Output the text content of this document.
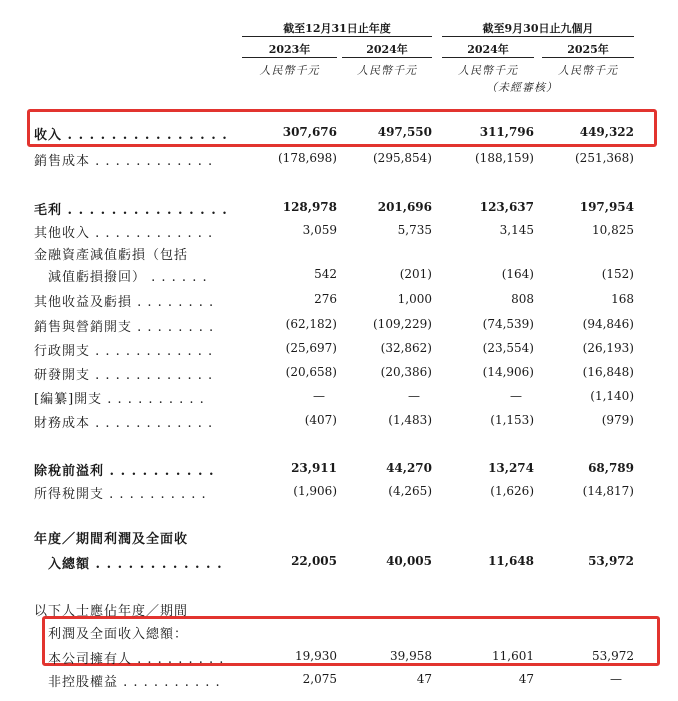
截至12月31日止年度	截至9月30日止九個月
2023年	2024年	2024年	2025年
人民幣千元	人民幣千元	人民幣千元	人民幣千元
（未經審核）
收入 . . . . . . . . . . . . . . .	307,676	497,550	311,796	449,322
銷售成本 . . . . . . . . . . . .	(178,698)	(295,854)	(188,159)	(251,368)
毛利 . . . . . . . . . . . . . . .	128,978	201,696	123,637	197,954
其他收入 . . . . . . . . . . . .	3,059	5,735	3,145	10,825
金融資產減值虧損（包括
減值虧損撥回） . . . . . .	542	(201)	(164)	(152)
其他收益及虧損 . . . . . . . .	276	1,000	808	168
銷售與營銷開支 . . . . . . . .	(62,182)	(109,229)	(74,539)	(94,846)
行政開支 . . . . . . . . . . . .	(25,697)	(32,862)	(23,554)	(26,193)
研發開支 . . . . . . . . . . . .	(20,658)	(20,386)	(14,906)	(16,848)
[編纂]開支 . . . . . . . . . .	—	—	—	(1,140)
財務成本 . . . . . . . . . . . .	(407)	(1,483)	(1,153)	(979)
除稅前溢利 . . . . . . . . . .	23,911	44,270	13,274	68,789
所得稅開支 . . . . . . . . . .	(1,906)	(4,265)	(1,626)	(14,817)
年度／期間利潤及全面收
入總額 . . . . . . . . . . . .	22,005	40,005	11,648	53,972
以下人士應佔年度／期間
利潤及全面收入總額：
本公司擁有人 . . . . . . . . .	19,930	39,958	11,601	53,972
非控股權益 . . . . . . . . . .	2,075	47	47	—
